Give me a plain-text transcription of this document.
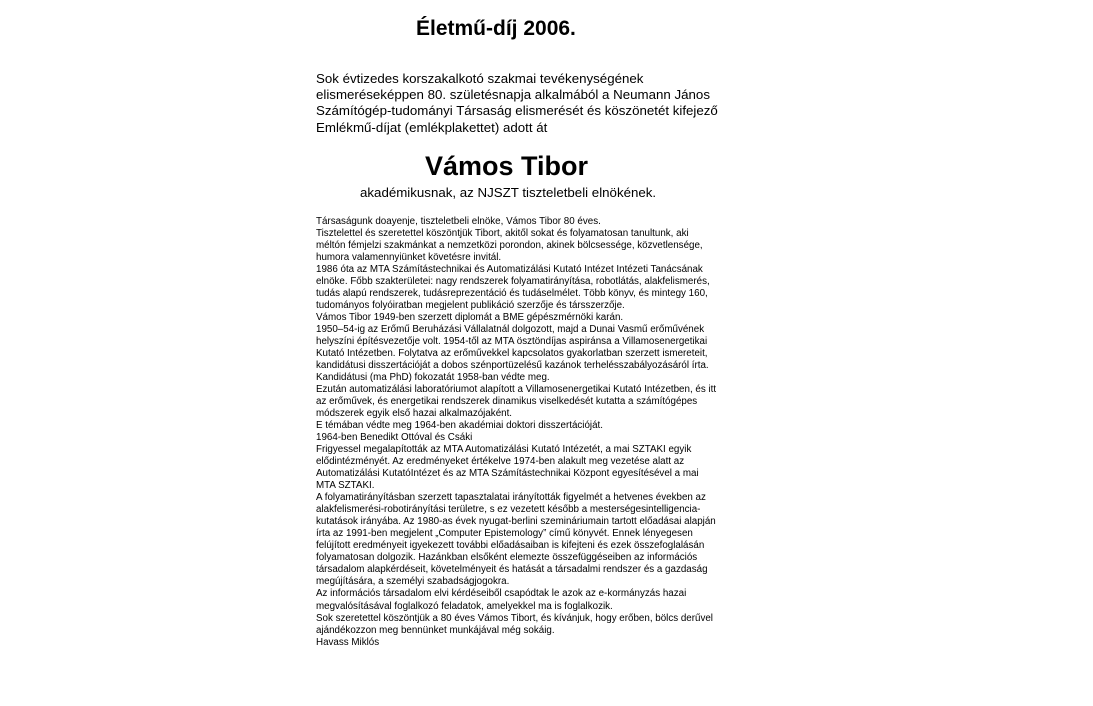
Életmű-díj 2006.
Sok évtizedes korszakalkotó szakmai tevékenységének
elismeréseképpen 80. születésnapja alkalmából a Neumann János
Számítógép-tudományi Társaság elismerését és köszönetét kifejező
Emlékmű-díjat (emlékplakettet) adott át
Vámos Tibor
akadémikusnak, az NJSZT tiszteletbeli elnökének.
Társaságunk doayenje, tiszteletbeli elnöke, Vámos Tibor 80 éves.
Tisztelettel és szeretettel köszöntjük Tibort, akitől sokat és folyamatosan tanultunk, aki
méltón fémjelzi szakmánkat a nemzetközi porondon, akinek bölcsessége, közvetlensége,
humora valamennyiünket követésre invitál.
1986 óta az MTA Számítástechnikai és Automatizálási Kutató Intézet Intézeti Tanácsának
elnöke. Főbb szakterületei: nagy rendszerek folyamatirányítása, robotlátás, alakfelismerés,
tudás alapú rendszerek, tudásreprezentáció és tudáselmélet. Több könyv, és mintegy 160,
tudományos folyóiratban megjelent publikáció szerzője és társszerzője.
Vámos Tibor 1949-ben szerzett diplomát a BME gépészmérnöki karán.
1950–54-ig az Erőmű Beruházási Vállalatnál dolgozott, majd a Dunai Vasmű erőművének
helyszíni építésvezetője volt. 1954-től az MTA ösztöndíjas aspiránsa a Villamosenergetikai
Kutató Intézetben. Folytatva az erőművekkel kapcsolatos gyakorlatban szerzett ismereteit,
kandidátusi disszertációját a dobos szénportüzelésű kazánok terhelésszabályozásáról írta.
Kandidátusi (ma PhD) fokozatát 1958-ban védte meg.
Ezután automatizálási laboratóriumot alapított a Villamosenergetikai Kutató Intézetben, és itt
az erőművek, és energetikai rendszerek dinamikus viselkedését kutatta a számítógépes
módszerek egyik első hazai alkalmazójaként.
E témában védte meg 1964-ben akadémiai doktori disszertációját.
1964-ben Benedikt Ottóval és Csáki
Frigyessel megalapították az MTA Automatizálási Kutató Intézetét, a mai SZTAKI egyik
elődintézményét. Az eredményeket értékelve 1974-ben alakult meg vezetése alatt az
Automatizálási KutatóIntézet és az MTA Számítástechnikai Központ egyesítésével a mai
MTA SZTAKI.
A folyamatirányításban szerzett tapasztalatai irányították figyelmét a hetvenes években az
alakfelismerési-robotirányítási területre, s ez vezetett később a mesterségesintelligencia-
kutatások irányába. Az 1980-as évek nyugat-berlini szemináriumain tartott előadásai alapján
írta az 1991-ben megjelent „Computer Epistemology” című könyvét. Ennek lényegesen
felújított eredményeit igyekezett további előadásaiban is kifejteni és ezek összefoglalásán
folyamatosan dolgozik. Hazánkban elsőként elemezte összefüggéseiben az információs
társadalom alapkérdéseit, követelményeit és hatását a társadalmi rendszer és a gazdaság
megújítására, a személyi szabadságjogokra.
Az információs társadalom elvi kérdéseiből csapódtak le azok az e-kormányzás hazai
megvalósításával foglalkozó feladatok, amelyekkel ma is foglalkozik.
Sok szeretettel köszöntjük a 80 éves Vámos Tibort, és kívánjuk, hogy erőben, bölcs derűvel
ajándékozzon meg bennünket munkájával még sokáig.
Havass Miklós
